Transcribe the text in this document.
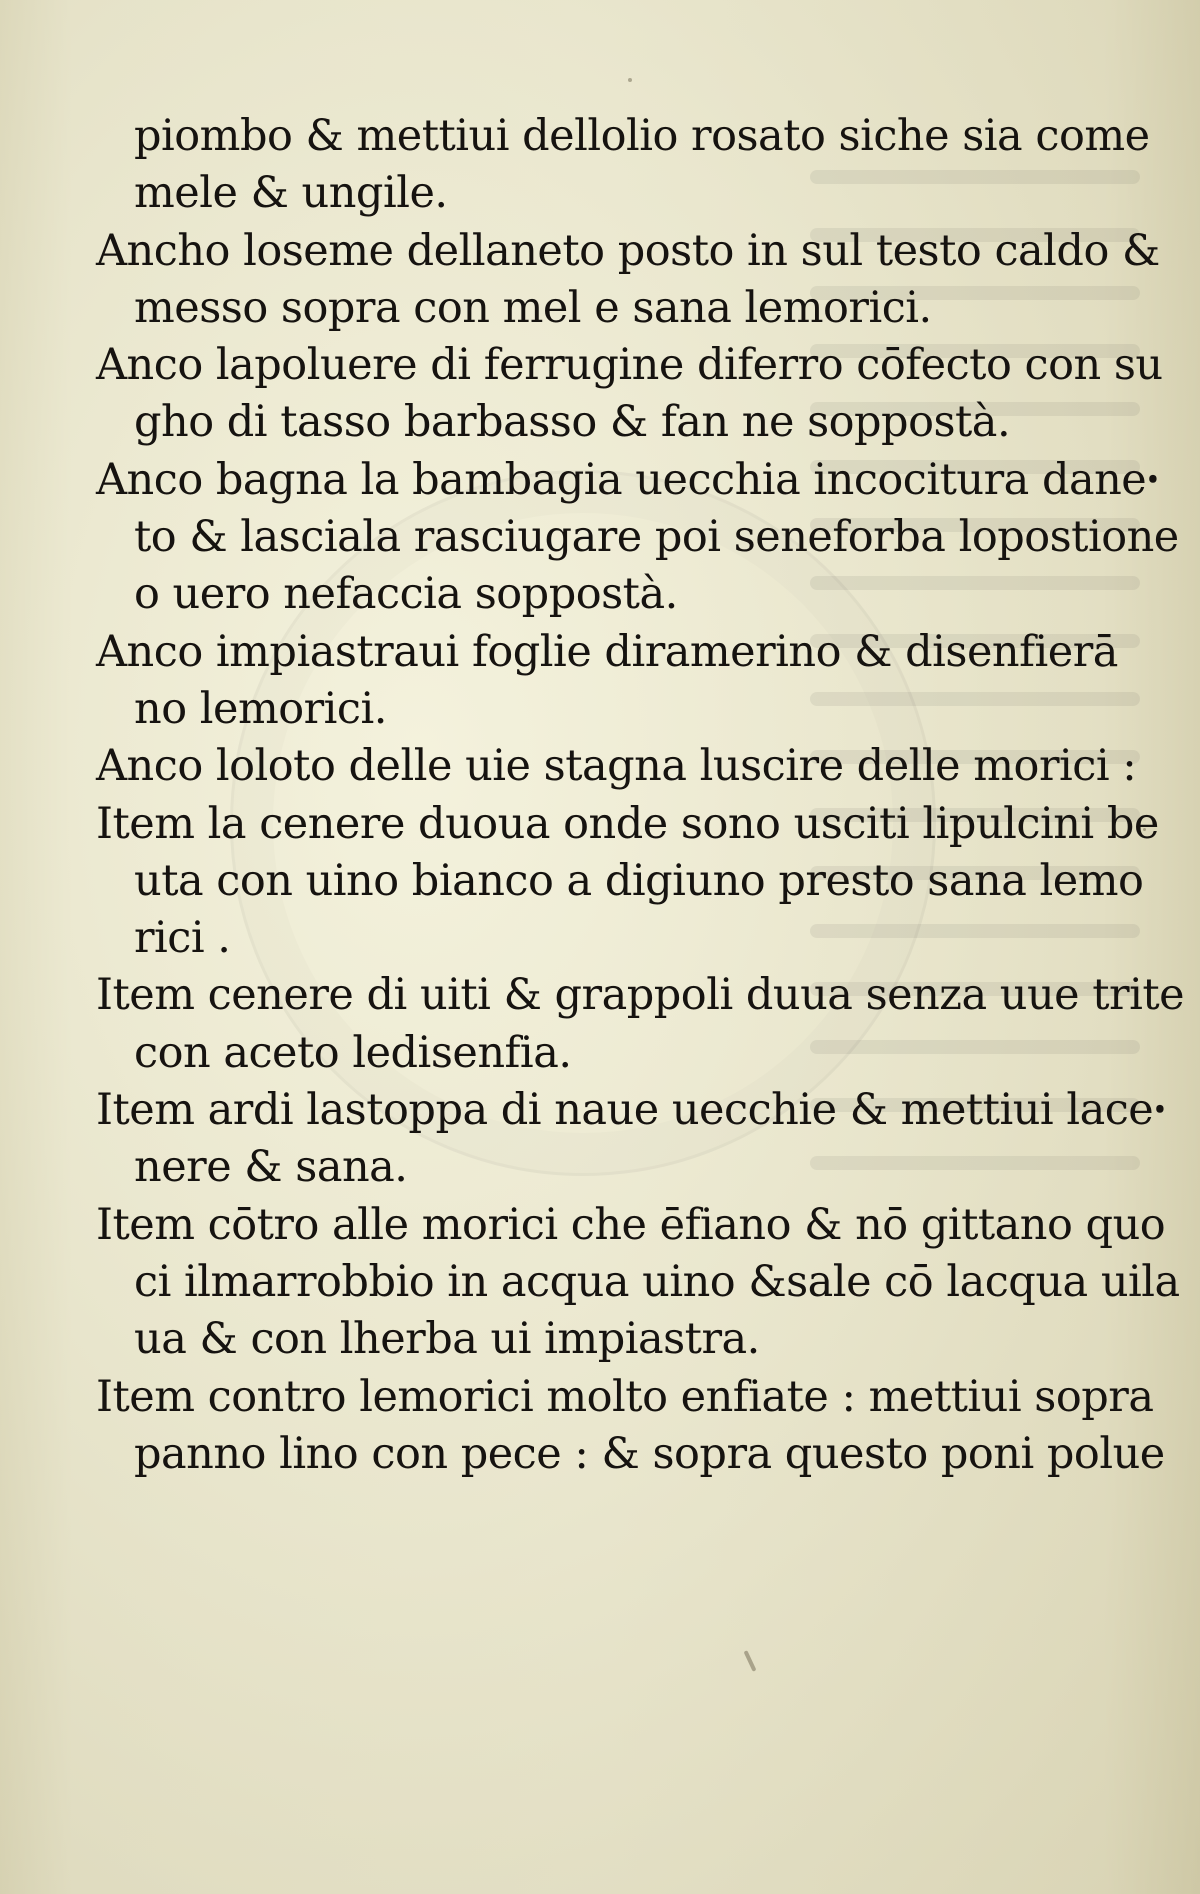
piombo & mettiui dellolio rosato siche sia come
mele & ungile.
Ancho loseme dellaneto posto in sul testo caldo &
messo sopra con mel e sana lemorici.
Anco lapoluere di ferrugine diferro cōfecto con su
gho di tasso barbasso & fan ne soppostà.
Anco bagna la bambagia uecchia incocitura daneꞏ
to & lasciala rasciugare poi seneforba lopostione
o uero nefaccia soppostà.
Anco impiastraui foglie diramerino & disenfierā
no lemorici.
Anco loloto delle uie stagna luscire delle morici :
Item la cenere duoua onde sono usciti lipulcini be
uta con uino bianco a digiuno presto sana lemo
rici .
Item cenere di uiti & grappoli duua senza uue trite
con aceto ledisenfia.
Item ardi lastoppa di naue uecchie & mettiui laceꞏ
nere & sana.
Item cōtro alle morici che ēfiano & nō gittano quo
ci ilmarrobbio in acqua uino &sale cō lacqua uila
ua & con lherba ui impiastra.
Item contro lemorici molto enfiate : mettiui sopra
panno lino con pece : & sopra questo poni polue
